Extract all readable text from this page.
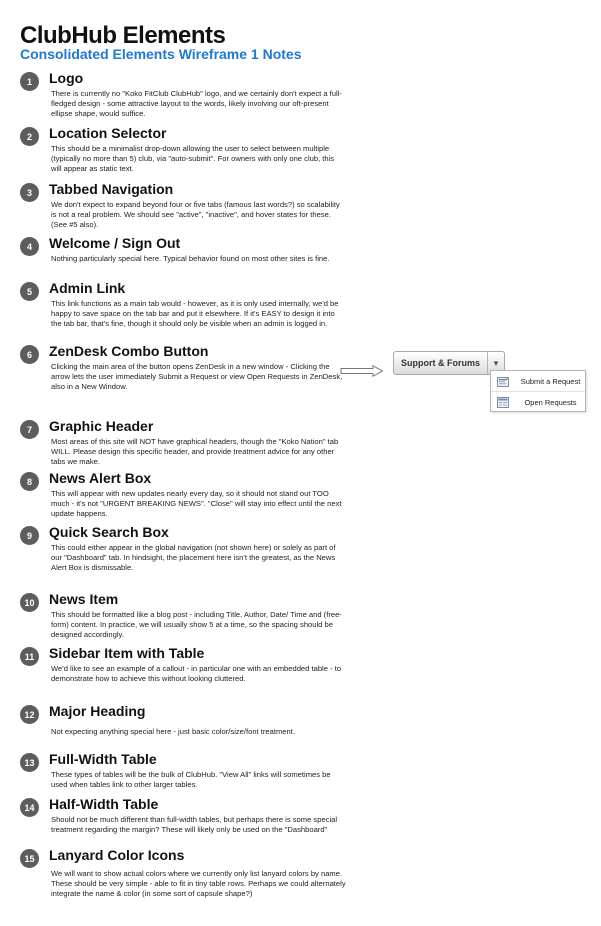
ClubHub Elements
Consolidated Elements Wireframe 1 Notes
1	Logo
There is currently no "Koko FitClub ClubHub" logo, and we certainly don't expect a full-fledged design - some attractive layout to the words, likely involving our oft-present ellipse shape, would suffice.
2	Location Selector
This should be a minimalist drop-down allowing the user to select between multiple (typically no more than 5) club, via "auto-submit". For owners with only one club, this will appear as static text.
3	Tabbed Navigation
We don't expect to expand beyond four or five tabs (famous last words?) so scalability is not a real problem. We should see "active", "inactive", and hover states for these. (See #5 also).
4	Welcome / Sign Out
Nothing particularly special here. Typical behavior found on most other sites is fine.
5	Admin Link
This link functions as a main tab would - however, as it is only used internally, we'd be happy to save space on the tab bar and put it elsewhere. If it's EASY to design it into the tab bar, that's fine, though it should only be visible when an admin is logged in.
6	ZenDesk Combo Button
Clicking the main area of the button opens ZenDesk in a new window - Clicking the arrow lets the user immediately Submit a Request or view Open Requests in ZenDesk, also in a New Window.
7	Graphic Header
Most areas of this site will NOT have graphical headers, though the "Koko Nation" tab WILL. Please design this specific header, and provide treatment advice for any other tabs we make.
8	News Alert Box
This will appear with new updates nearly every day, so it should not stand out TOO much - it's not "URGENT BREAKING NEWS". "Close" will stay into effect until the next update happens.
9	Quick Search Box
This could either appear in the global navigation (not shown here) or solely as part of our "Dashboard" tab. In hindsight, the placement here isn't the greatest, as the News Alert Box is dismissable.
10	News Item
This should be formatted like a blog post - including Title, Author, Date/ Time and (free-form) content. In practice, we will usually show 5 at a time, so the spacing should be designed accordingly.
11	Sidebar Item with Table
We'd like to see an example of a callout - in particular one with an embedded table - to demonstrate how to achieve this without looking cluttered.
12	Major Heading
Not expecting anything special here - just basic color/size/font treatment.
13	Full-Width Table
These types of tables will be the bulk of ClubHub. "View All" links will sometimes be used when tables link to other larger tables.
14	Half-Width Table
Should not be much different than full-width tables, but perhaps there is some special treatment regarding the margin? These will likely only be used on the "Dashboard"
15	Lanyard Color Icons
We will want to show actual colors where we currently only list lanyard colors by name. These should be very simple - able to fit in tiny table rows. Perhaps we could alternately integrate the name & color (in some sort of capsule shape?)
Support & Forums	▼
Submit a Request
Open Requests
